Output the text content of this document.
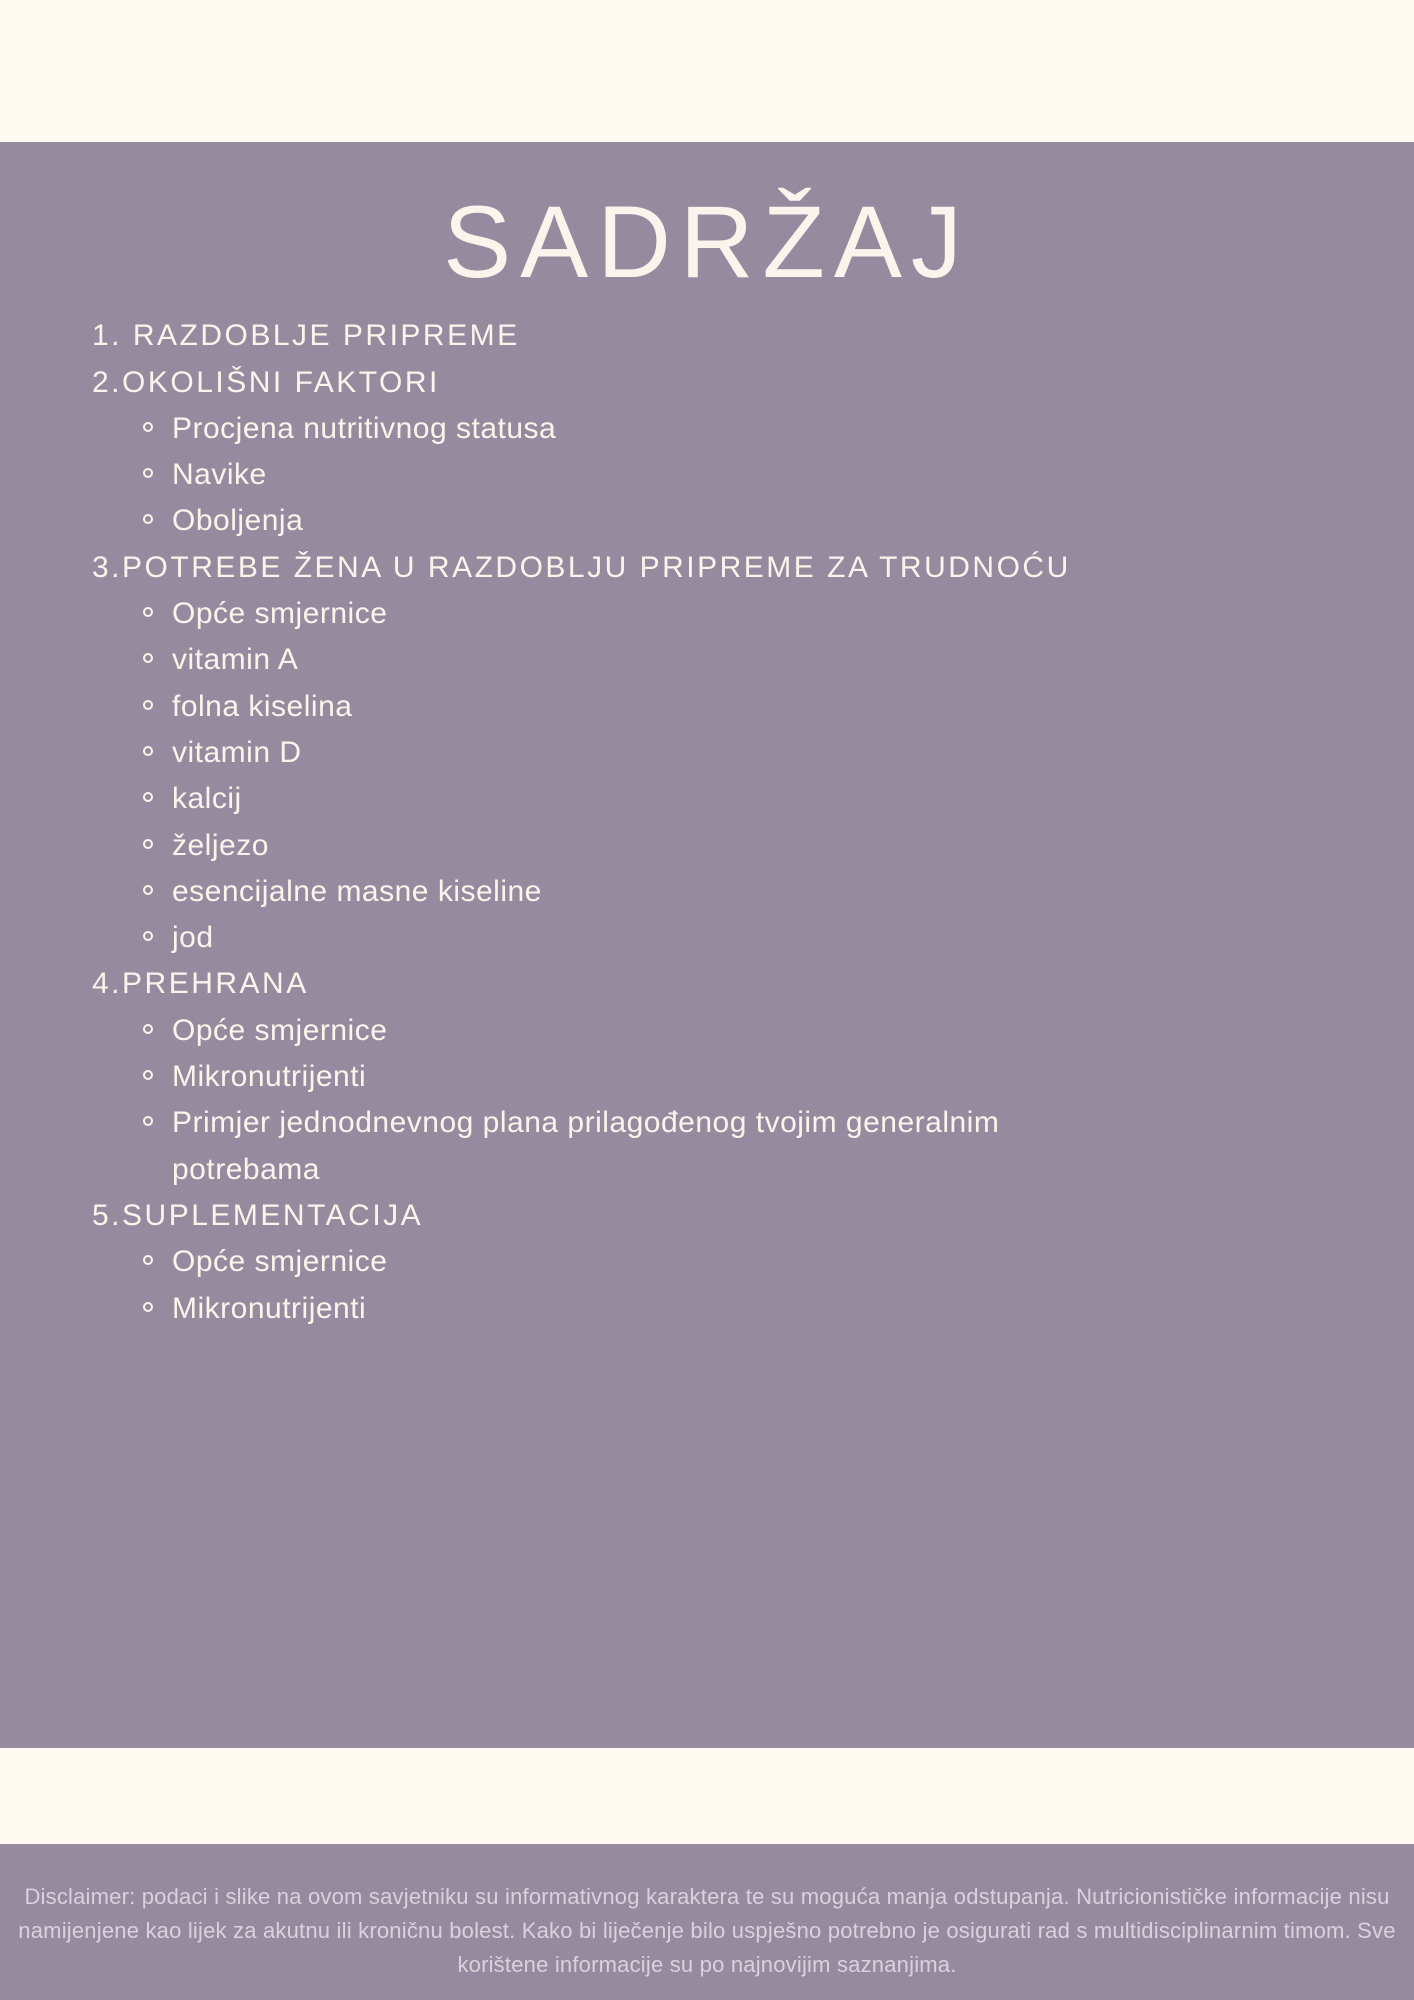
SADRŽAJ
1. RAZDOBLJE PRIPREME
2.OKOLIŠNI FAKTORI
Procjena nutritivnog statusa
Navike
Oboljenja
3.POTREBE ŽENA U RAZDOBLJU PRIPREME ZA TRUDNOĆU
Opće smjernice
vitamin A
folna kiselina
vitamin D
kalcij
željezo
esencijalne masne kiseline
jod
4.PREHRANA
Opće smjernice
Mikronutrijenti
Primjer jednodnevnog plana prilagođenog tvojim generalnim potrebama
5.SUPLEMENTACIJA
Opće smjernice
Mikronutrijenti
Disclaimer: podaci i slike na ovom savjetniku su informativnog karaktera te su moguća manja odstupanja. Nutricionističke informacije nisu namijenjene kao lijek za akutnu ili kroničnu bolest. Kako bi liječenje bilo uspješno potrebno je osigurati rad s multidisciplinarnim timom. Sve korištene informacije su po najnovijim saznanjima.
